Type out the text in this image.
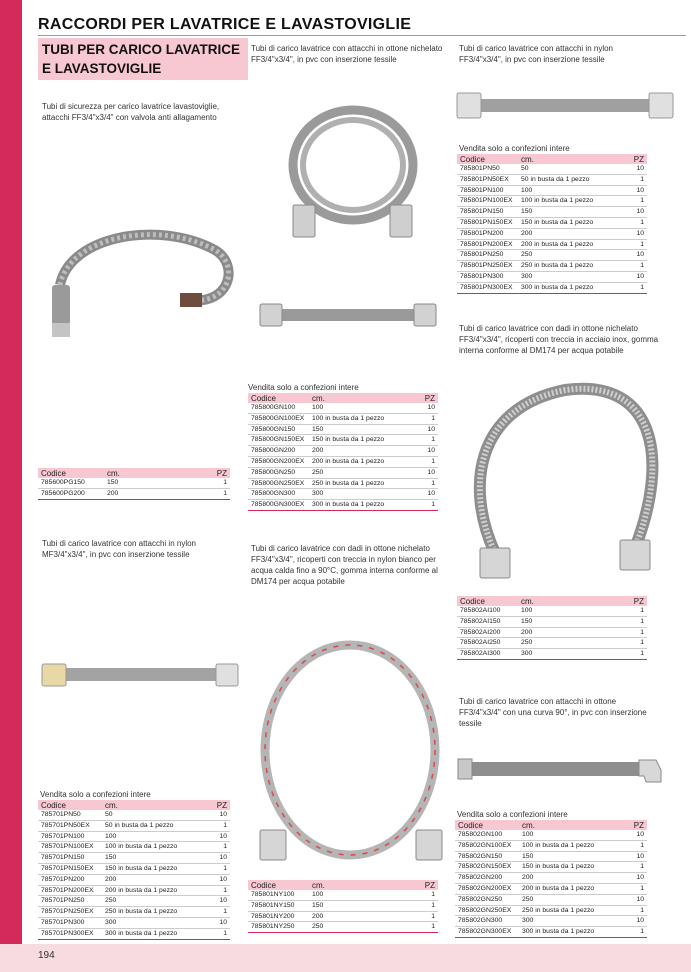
194
RACCORDI PER LAVATRICE E LAVASTOVIGLIE
TUBI PER CARICO LAVATRICE E LAVASTOVIGLIE
Tubi di sicurezza per carico lavatrice lavastoviglie, attacchi FF3/4"x3/4" con valvola anti allagamento
Tubi di carico lavatrice con attacchi in ottone nichelato FF3/4"x3/4", in pvc con inserzione tessile
Tubi di carico lavatrice con attacchi in nylon FF3/4"x3/4", in pvc con inserzione tessile
Tubi di carico lavatrice con dadi in ottone nichelato FF3/4"x3/4", ricoperti con treccia in acciaio inox, gomma interna conforme al DM174 per acqua potabile
Tubi di carico lavatrice con attacchi in nylon MF3/4"x3/4", in pvc con inserzione tessile
Tubi di carico lavatrice con dadi in ottone nichelato FF3/4"x3/4", ricoperti con treccia in nylon bianco per acqua calda fino a 90°C, gomma interna conforme al DM174 per acqua potabile
Tubi di carico lavatrice con attacchi in ottone FF3/4"x3/4" con una curva 90°, in pvc con inserzione tessile
Vendita solo a confezioni intere
Vendita solo a confezioni intere
Vendita solo a confezioni intere
Vendita solo a confezioni intere
Codice	cm.	PZ
785600PG150	150	1
785600PG200	200	1
Codice	cm.	PZ
785800GN100	100	10
785800GN100EX	100 in busta da 1 pezzo	1
785800GN150	150	10
785800GN150EX	150 in busta da 1 pezzo	1
785800GN200	200	10
785800GN200EX	200 in busta da 1 pezzo	1
785800GN250	250	10
785800GN250EX	250 in busta da 1 pezzo	1
785800GN300	300	10
785800GN300EX	300 in busta da 1 pezzo	1
Codice	cm.	PZ
785801PN50	50	10
785801PN50EX	50 in busta da 1 pezzo	1
785801PN100	100	10
785801PN100EX	100 in busta da 1 pezzo	1
785801PN150	150	10
785801PN150EX	150 in busta da 1 pezzo	1
785801PN200	200	10
785801PN200EX	200 in busta da 1 pezzo	1
785801PN250	250	10
785801PN250EX	250 in busta da 1 pezzo	1
785801PN300	300	10
785801PN300EX	300 in busta da 1 pezzo	1
Codice	cm.	PZ
785802AI100	100	1
785802AI150	150	1
785802AI200	200	1
785802AI250	250	1
785802AI300	300	1
Codice	cm.	PZ
785701PN50	50	10
785701PN50EX	50 in busta da 1 pezzo	1
785701PN100	100	10
785701PN100EX	100 in busta da 1 pezzo	1
785701PN150	150	10
785701PN150EX	150 in busta da 1 pezzo	1
785701PN200	200	10
785701PN200EX	200 in busta da 1 pezzo	1
785701PN250	250	10
785701PN250EX	250 in busta da 1 pezzo	1
785701PN300	300	10
785701PN300EX	300 in busta da 1 pezzo	1
Codice	cm.	PZ
785801NY100	100	1
785801NY150	150	1
785801NY200	200	1
785801NY250	250	1
Codice	cm.	PZ
785802GN100	100	10
785802GN100EX	100 in busta da 1 pezzo	1
785802GN150	150	10
785802GN150EX	150 in busta da 1 pezzo	1
785802GN200	200	10
785802GN200EX	200 in busta da 1 pezzo	1
785802GN250	250	10
785802GN250EX	250 in busta da 1 pezzo	1
785802GN300	300	10
785802GN300EX	300 in busta da 1 pezzo	1
